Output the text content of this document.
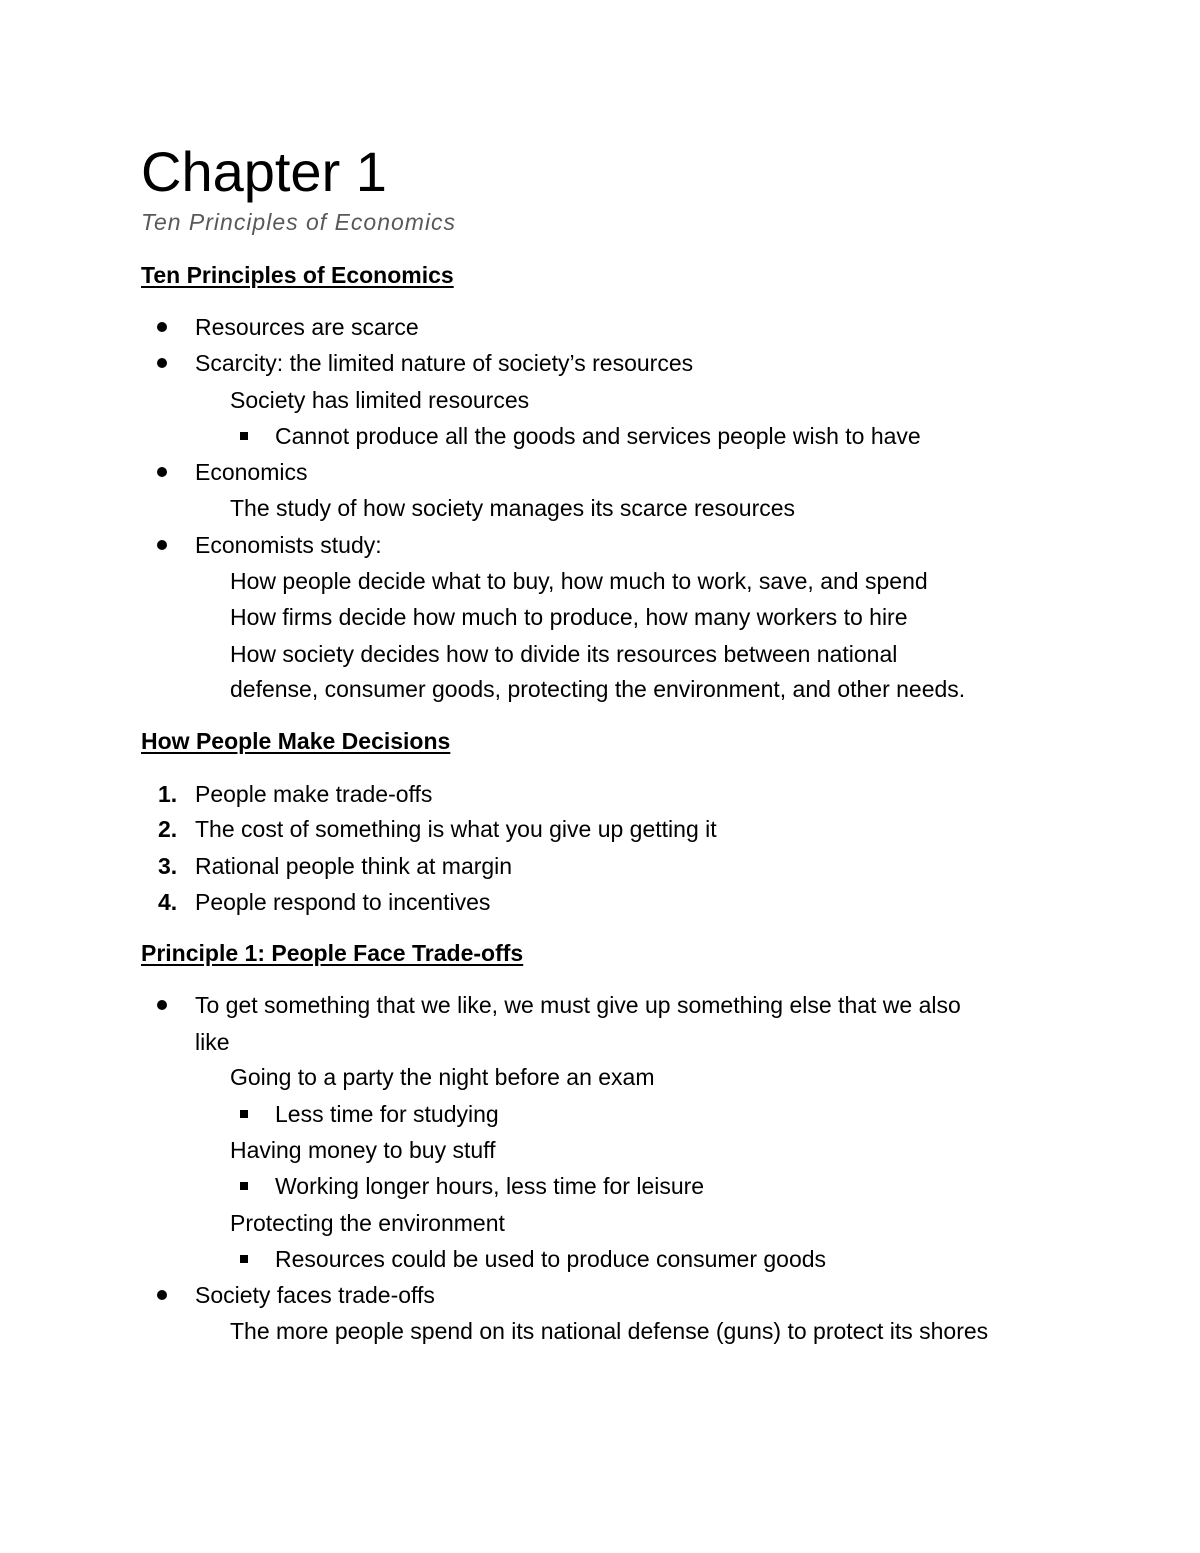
Chapter 1

Ten Principles of Economics

Ten Principles of Economics
Resources are scarce
Scarcity: the limited nature of society’s resources
Society has limited resources
Cannot produce all the goods and services people wish to have
Economics
The study of how society manages its scarce resources
Economists study:
How people decide what to buy, how much to work, save, and spend
How firms decide how much to produce, how many workers to hire
How society decides how to divide its resources between national
defense, consumer goods, protecting the environment, and other needs.
How People Make Decisions
1. People make trade-offs
2. The cost of something is what you give up getting it
3. Rational people think at margin
4. People respond to incentives
Principle 1: People Face Trade-offs
To get something that we like, we must give up something else that we also
like
Going to a party the night before an exam
Less time for studying
Having money to buy stuff
Working longer hours, less time for leisure
Protecting the environment
Resources could be used to produce consumer goods
Society faces trade-offs
The more people spend on its national defense (guns) to protect its shores
